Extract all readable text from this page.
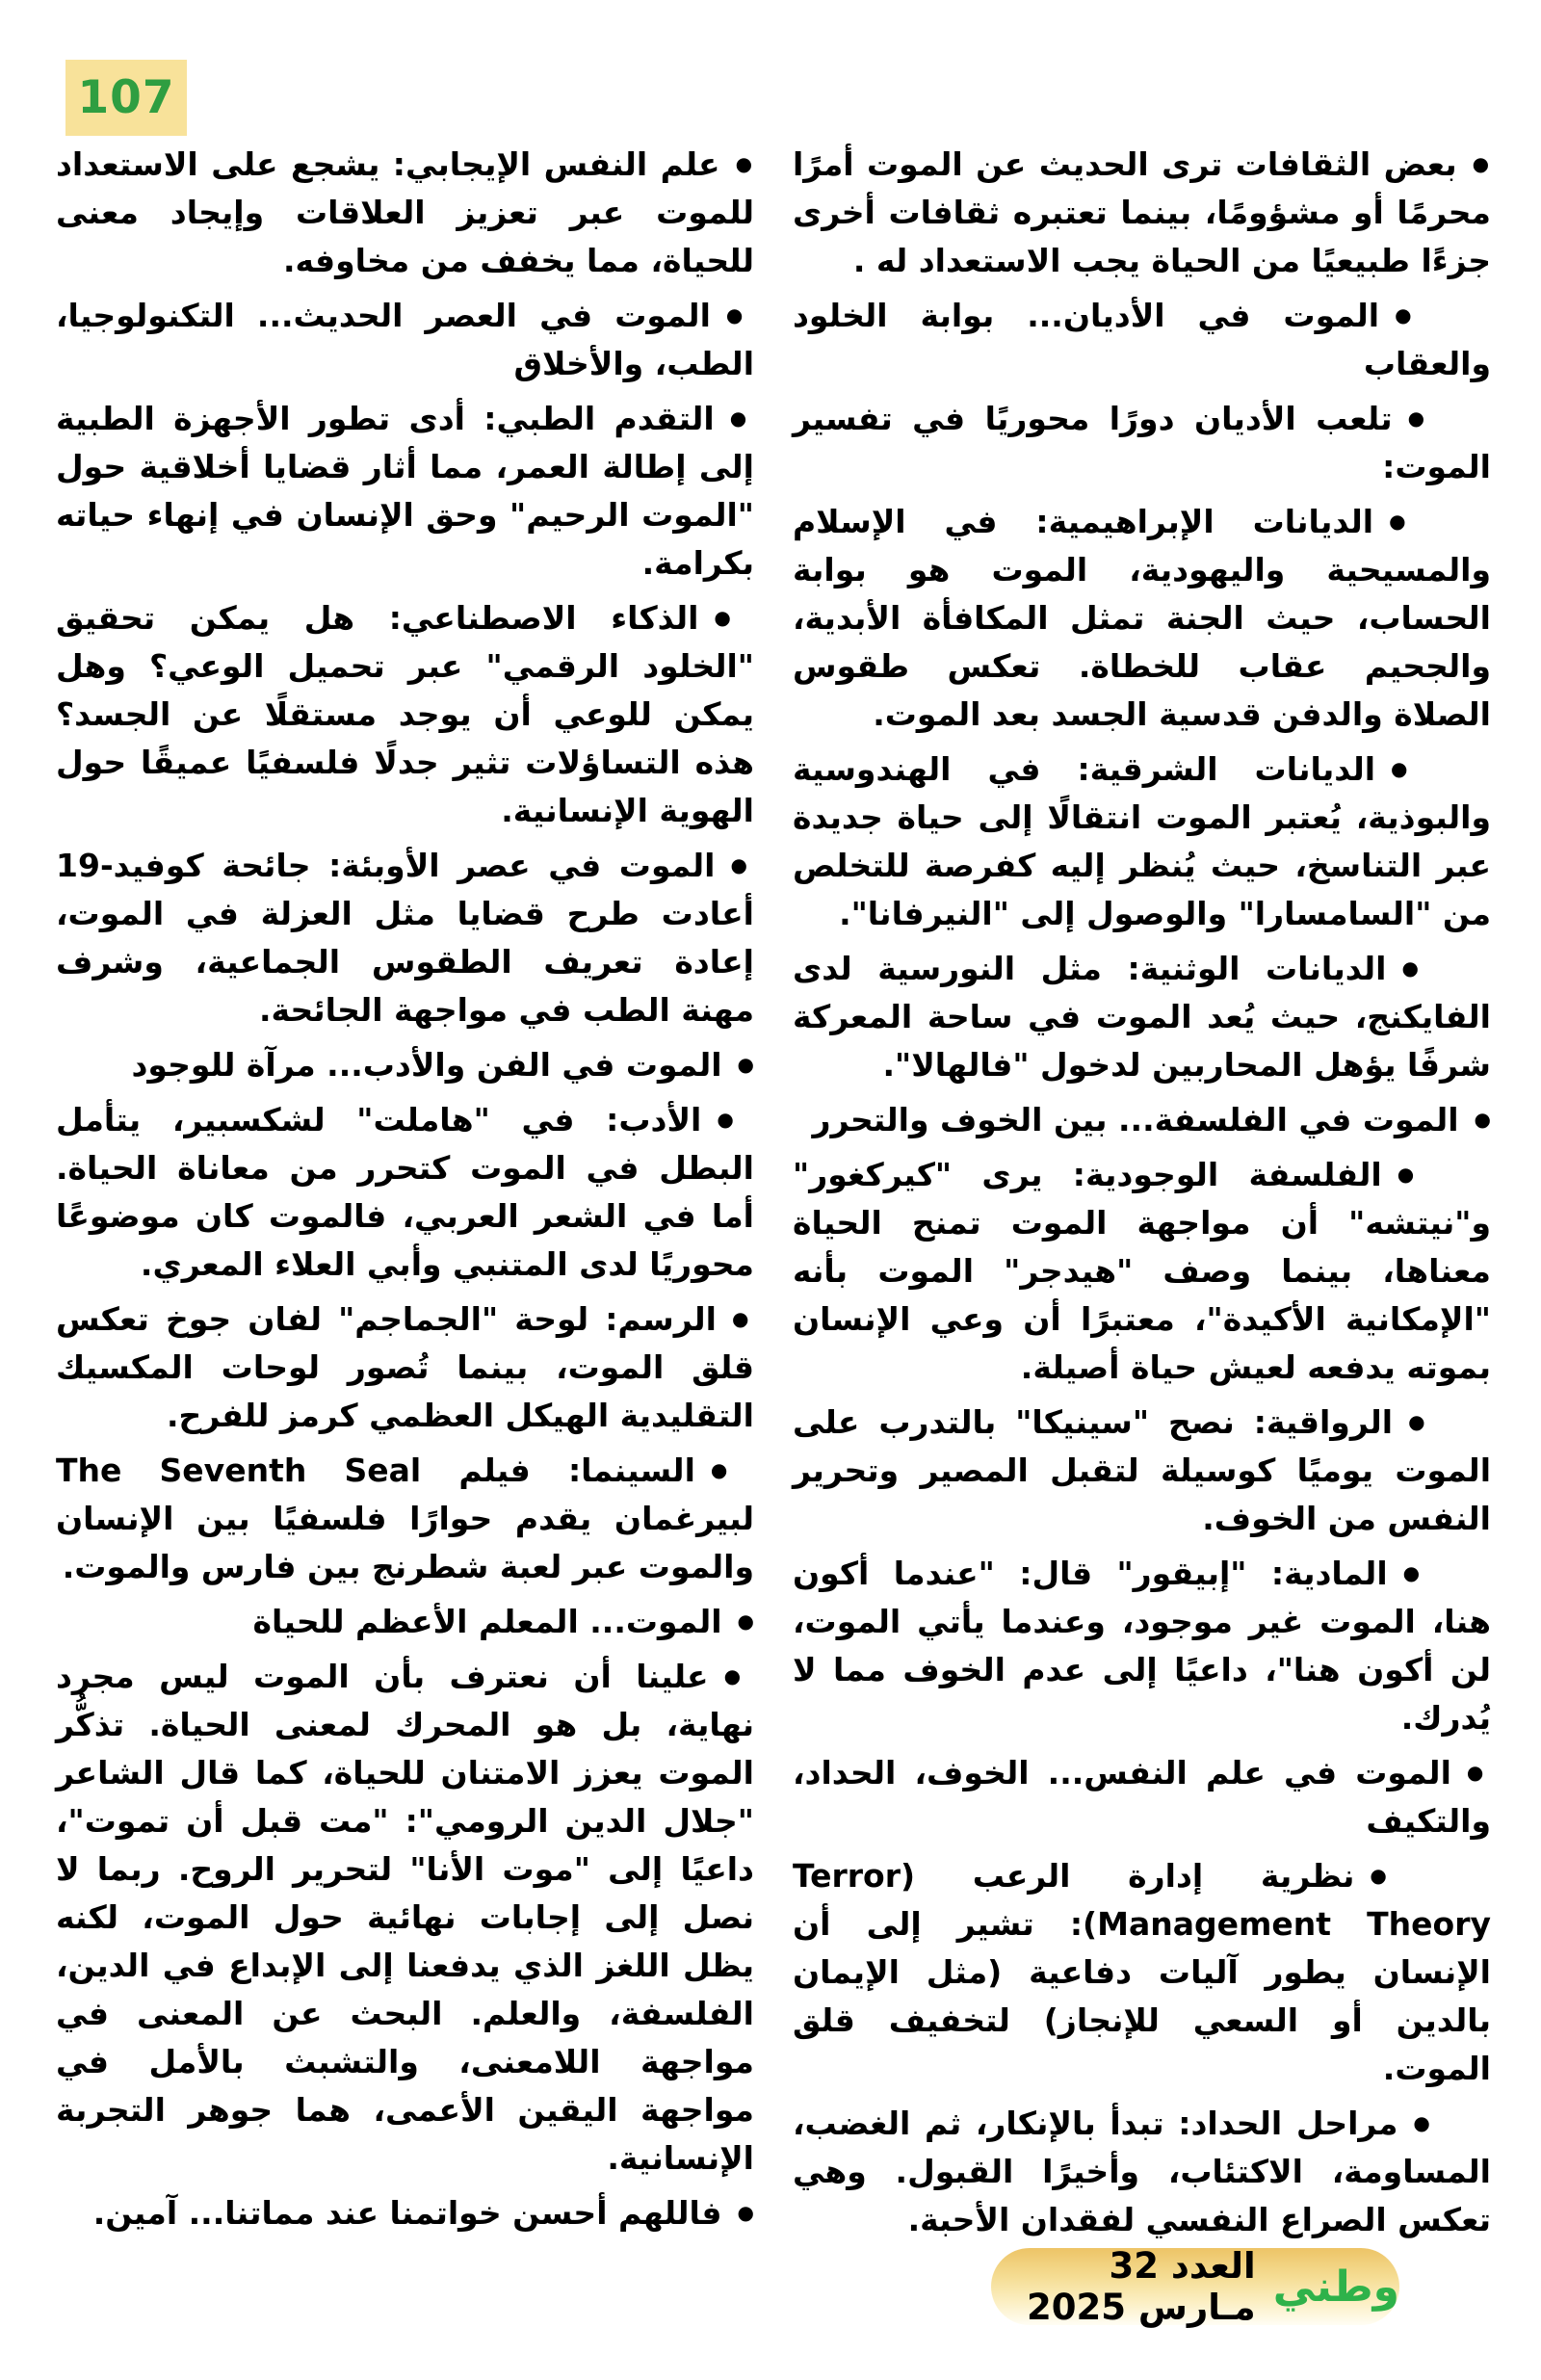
107
● بعض الثقافات ترى الحديث عن الموت أمرًا محرمًا أو مشؤومًا، بينما تعتبره ثقافات أخرى جزءًا طبيعيًا من الحياة يجب الاستعداد له .
● الموت في الأديان... بوابة الخلود والعقاب
● تلعب الأديان دورًا محوريًا في تفسير الموت:
● الديانات الإبراهيمية: في الإسلام والمسيحية واليهودية، الموت هو بوابة الحساب، حيث الجنة تمثل المكافأة الأبدية، والجحيم عقاب للخطاة. تعكس طقوس الصلاة والدفن قدسية الجسد بعد الموت.
● الديانات الشرقية: في الهندوسية والبوذية، يُعتبر الموت انتقالًا إلى حياة جديدة عبر التناسخ، حيث يُنظر إليه كفرصة للتخلص من "السامسارا" والوصول إلى "النيرفانا".
● الديانات الوثنية: مثل النورسية لدى الفايكنج، حيث يُعد الموت في ساحة المعركة شرفًا يؤهل المحاربين لدخول "فالهالا".
● الموت في الفلسفة... بين الخوف والتحرر
● الفلسفة الوجودية: يرى "كيركغور" و"نيتشه" أن مواجهة الموت تمنح الحياة معناها، بينما وصف "هيدجر" الموت بأنه "الإمكانية الأكيدة"، معتبرًا أن وعي الإنسان بموته يدفعه لعيش حياة أصيلة.
● الرواقية: نصح "سينيكا" بالتدرب على الموت يوميًا كوسيلة لتقبل المصير وتحرير النفس من الخوف.
● المادية: "إبيقور" قال: "عندما أكون هنا، الموت غير موجود، وعندما يأتي الموت، لن أكون هنا"، داعيًا إلى عدم الخوف مما لا يُدرك.
● الموت في علم النفس... الخوف، الحداد، والتكيف
● نظرية إدارة الرعب (Terror Management Theory): تشير إلى أن الإنسان يطور آليات دفاعية (مثل الإيمان بالدين أو السعي للإنجاز) لتخفيف قلق الموت.
● مراحل الحداد: تبدأ بالإنكار، ثم الغضب، المساومة، الاكتئاب، وأخيرًا القبول. وهي تعكس الصراع النفسي لفقدان الأحبة.
● علم النفس الإيجابي: يشجع على الاستعداد للموت عبر تعزيز العلاقات وإيجاد معنى للحياة، مما يخفف من مخاوفه.
● الموت في العصر الحديث... التكنولوجيا، الطب، والأخلاق
● التقدم الطبي: أدى تطور الأجهزة الطبية إلى إطالة العمر، مما أثار قضايا أخلاقية حول "الموت الرحيم" وحق الإنسان في إنهاء حياته بكرامة.
● الذكاء الاصطناعي: هل يمكن تحقيق "الخلود الرقمي" عبر تحميل الوعي؟ وهل يمكن للوعي أن يوجد مستقلًا عن الجسد؟ هذه التساؤلات تثير جدلًا فلسفيًا عميقًا حول الهوية الإنسانية.
● الموت في عصر الأوبئة: جائحة كوفيد-19 أعادت طرح قضايا مثل العزلة في الموت، إعادة تعريف الطقوس الجماعية، وشرف مهنة الطب في مواجهة الجائحة.
● الموت في الفن والأدب... مرآة للوجود
● الأدب: في "هاملت" لشكسبير، يتأمل البطل في الموت كتحرر من معاناة الحياة. أما في الشعر العربي، فالموت كان موضوعًا محوريًا لدى المتنبي وأبي العلاء المعري.
● الرسم: لوحة "الجماجم" لفان جوخ تعكس قلق الموت، بينما تُصور لوحات المكسيك التقليدية الهيكل العظمي كرمز للفرح.
● السينما: فيلم The Seventh Seal لبيرغمان يقدم حوارًا فلسفيًا بين الإنسان والموت عبر لعبة شطرنج بين فارس والموت.
● الموت... المعلم الأعظم للحياة
● علينا أن نعترف بأن الموت ليس مجرد نهاية، بل هو المحرك لمعنى الحياة. تذكُّر الموت يعزز الامتنان للحياة، كما قال الشاعر "جلال الدين الرومي": "مت قبل أن تموت"، داعيًا إلى "موت الأنا" لتحرير الروح. ربما لا نصل إلى إجابات نهائية حول الموت، لكنه يظل اللغز الذي يدفعنا إلى الإبداع في الدين، الفلسفة، والعلم. البحث عن المعنى في مواجهة اللامعنى، والتشبث بالأمل في مواجهة اليقين الأعمى، هما جوهر التجربة الإنسانية.
● فاللهم أحسن خواتمنا عند مماتنا... آمين.
وطني
العدد 32 مـارس 2025
